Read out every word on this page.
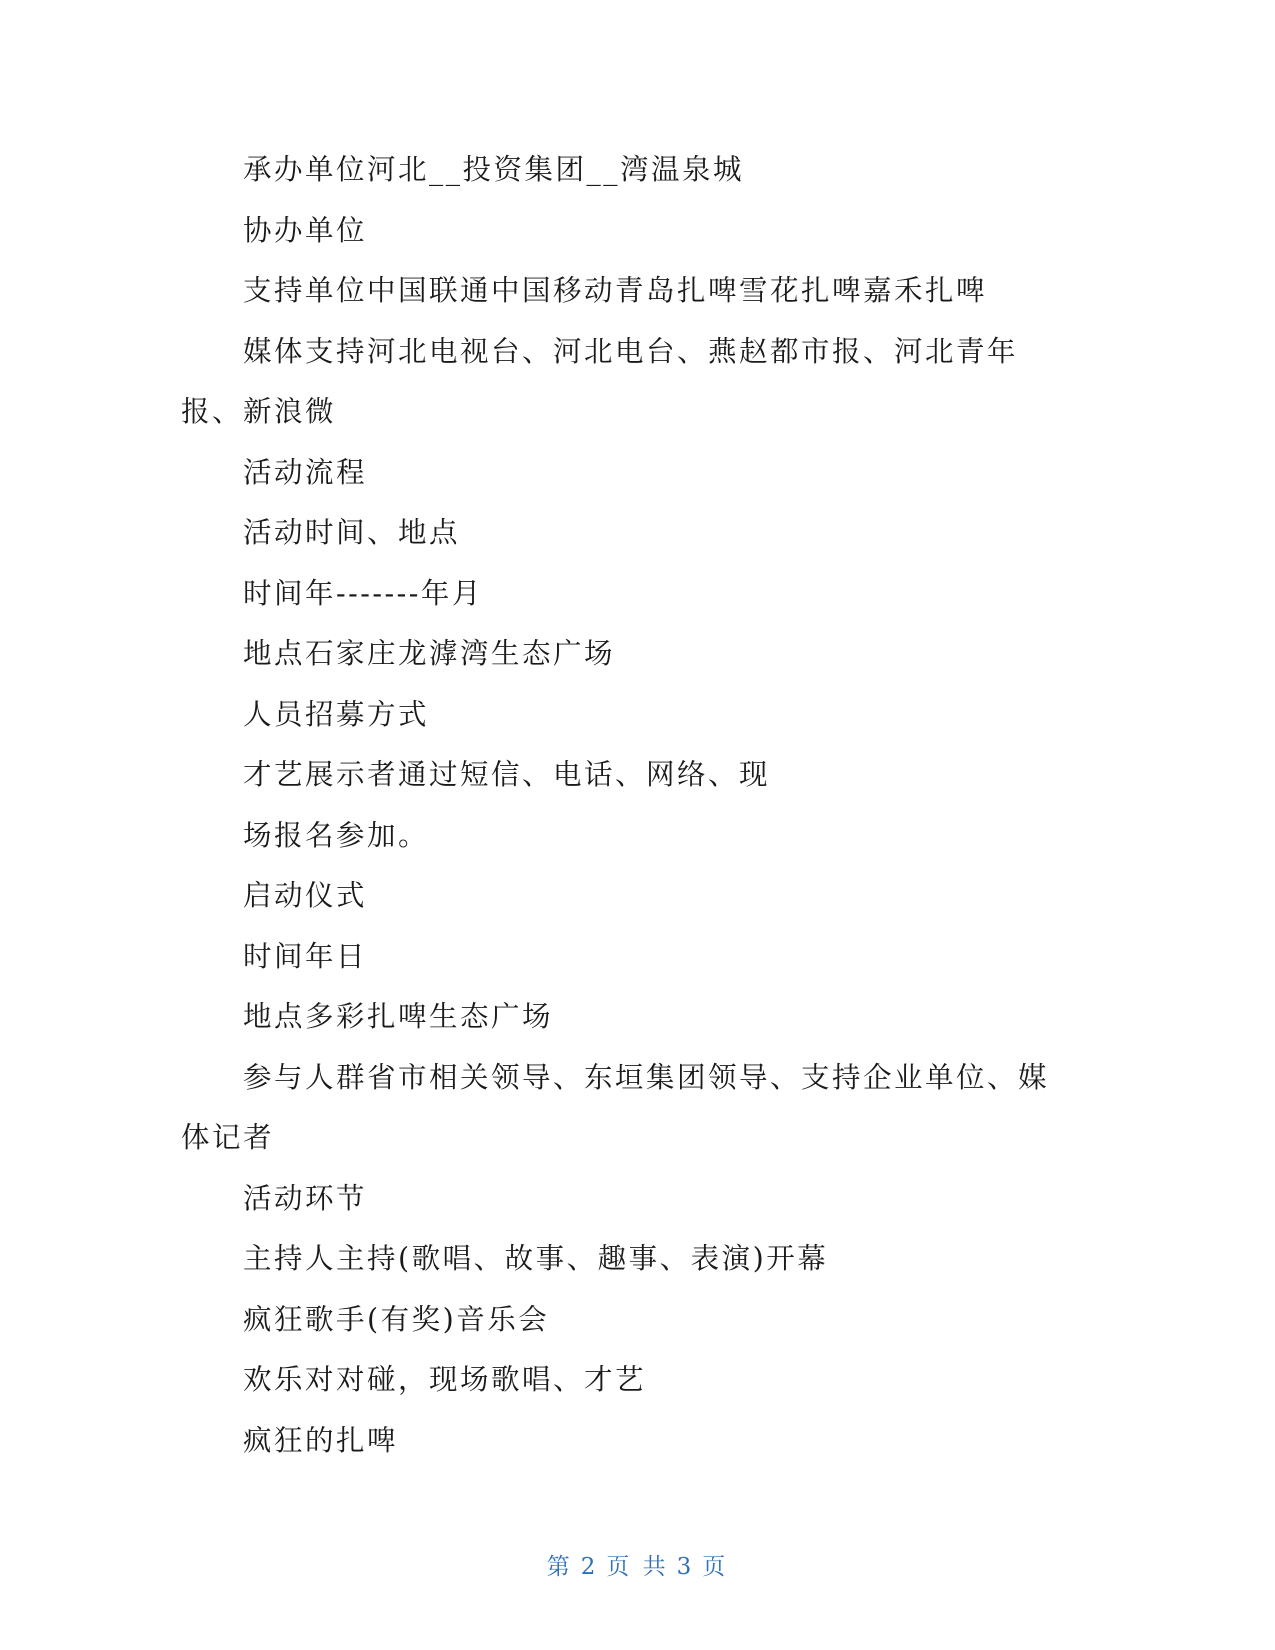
承办单位河北__投资集团__湾温泉城

协办单位

支持单位中国联通中国移动青岛扎啤雪花扎啤嘉禾扎啤

媒体支持河北电视台、河北电台、燕赵都市报、河北青年报、新浪微

活动流程

活动时间、地点

时间年-------年月

地点石家庄龙滹湾生态广场

人员招募方式

才艺展示者通过短信、电话、网络、现

场报名参加。

启动仪式

时间年日

地点多彩扎啤生态广场

参与人群省市相关领导、东垣集团领导、支持企业单位、媒体记者

活动环节

主持人主持(歌唱、故事、趣事、表演)开幕

疯狂歌手(有奖)音乐会

欢乐对对碰，现场歌唱、才艺

疯狂的扎啤

第 2 页 共 3 页
